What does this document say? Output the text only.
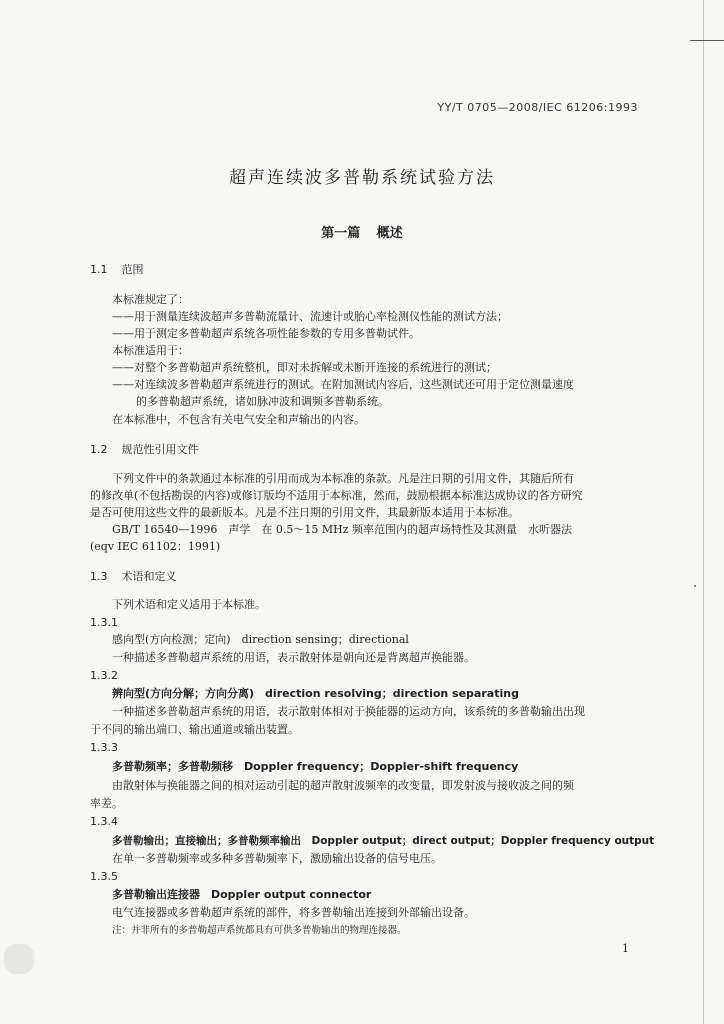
YY/T 0705—2008/IEC 61206:1993
超声连续波多普勒系统试验方法
第一篇 概述
1.1 范围
本标准规定了：
——用于测量连续波超声多普勒流量计、流速计或胎心率检测仪性能的测试方法；
——用于测定多普勒超声系统各项性能参数的专用多普勒试件。
本标准适用于：
——对整个多普勒超声系统整机，即对未拆解或未断开连接的系统进行的测试；
——对连续波多普勒超声系统进行的测试。在附加测试内容后，这些测试还可用于定位测量速度
的多普勒超声系统，诸如脉冲波和调频多普勒系统。
在本标准中，不包含有关电气安全和声输出的内容。
1.2 规范性引用文件
下列文件中的条款通过本标准的引用而成为本标准的条款。凡是注日期的引用文件，其随后所有
的修改单(不包括勘误的内容)或修订版均不适用于本标准，然而，鼓励根据本标准达成协议的各方研究
是否可使用这些文件的最新版本。凡是不注日期的引用文件，其最新版本适用于本标准。
GB/T 16540—1996　声学　在 0.5～15 MHz 频率范围内的超声场特性及其测量　水听器法
(eqv IEC 61102：1991)
1.3 术语和定义
下列术语和定义适用于本标准。
1.3.1
感向型(方向检测；定向)　direction sensing；directional
一种描述多普勒超声系统的用语，表示散射体是朝向还是背离超声换能器。
1.3.2
辨向型(方向分解；方向分离)　direction resolving；direction separating
一种描述多普勒超声系统的用语，表示散射体相对于换能器的运动方向，该系统的多普勒输出出现
于不同的输出端口、输出通道或输出装置。
1.3.3
多普勒频率；多普勒频移　Doppler frequency；Doppler-shift frequency
由散射体与换能器之间的相对运动引起的超声散射波频率的改变量，即发射波与接收波之间的频
率差。
1.3.4
多普勒输出；直接输出；多普勒频率输出　Doppler output；direct output；Doppler frequency output
在单一多普勒频率或多种多普勒频率下，激励输出设备的信号电压。
1.3.5
多普勒输出连接器　Doppler output connector
电气连接器或多普勒超声系统的部件，将多普勒输出连接到外部输出设备。
注：并非所有的多普勒超声系统都具有可供多普勒输出的物理连接器。
1
